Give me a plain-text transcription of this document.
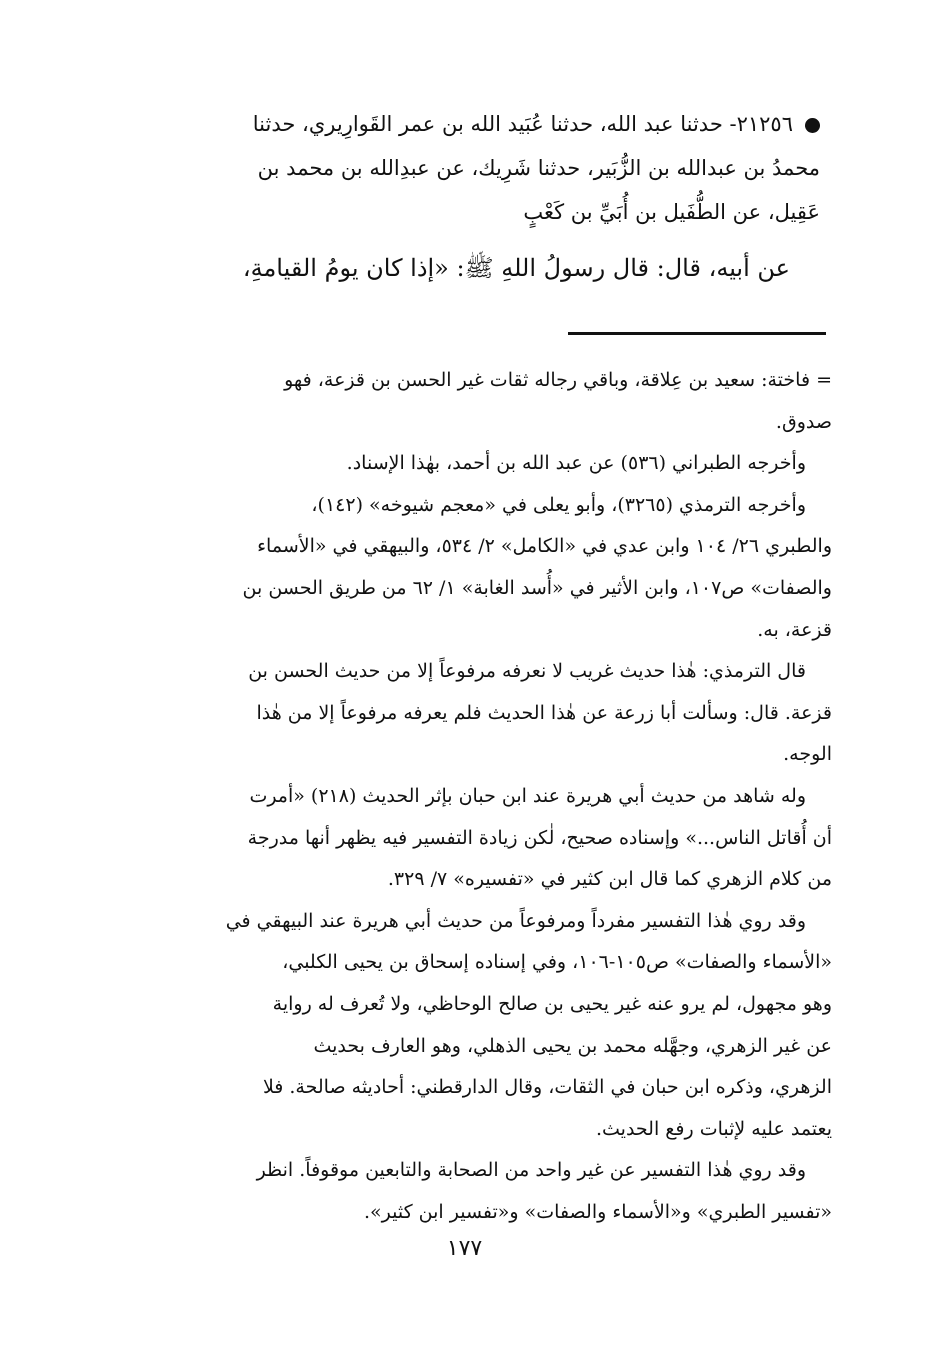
٢١٢٥٦- حدثنا عبد الله، حدثنا عُبَيد الله بن عمر القَوارِيري، حدثنا
محمدُ بن عبدالله بن الزُّبَير، حدثنا شَرِيك، عن عبدِالله بن محمد بن
عَقِيل، عن الطُّفَيل بن أُبَيِّ بن كَعْبٍ
عن أبيه، قال: قال رسولُ اللهِ ﷺ: «إذا كان يومُ القيامةِ،
= فاختة: سعيد بن عِلاقة، وباقي رجاله ثقات غير الحسن بن قزعة، فهو
صدوق.
وأخرجه الطبراني (٥٣٦) عن عبد الله بن أحمد، بهٰذا الإسناد.
وأخرجه الترمذي (٣٢٦٥)، وأبو يعلى في «معجم شيوخه» (١٤٢)،
والطبري ٢٦/ ١٠٤ وابن عدي في «الكامل» ٢/ ٥٣٤، والبيهقي في «الأسماء
والصفات» ص١٠٧، وابن الأثير في «أُسد الغابة» ١/ ٦٢ من طريق الحسن بن
قزعة، به.
قال الترمذي: هٰذا حديث غريب لا نعرفه مرفوعاً إلا من حديث الحسن بن
قزعة. قال: وسألت أبا زرعة عن هٰذا الحديث فلم يعرفه مرفوعاً إلا من هٰذا
الوجه.
وله شاهد من حديث أبي هريرة عند ابن حبان بإثر الحديث (٢١٨) «أمرت
أن أُقاتل الناس...» وإسناده صحيح، لٰكن زيادة التفسير فيه يظهر أنها مدرجة
من كلام الزهري كما قال ابن كثير في «تفسيره» ٧/ ٣٢٩.
وقد روي هٰذا التفسير مفرداً ومرفوعاً من حديث أبي هريرة عند البيهقي في
«الأسماء والصفات» ص١٠٥-١٠٦، وفي إسناده إسحاق بن يحيى الكلبي،
وهو مجهول، لم يرو عنه غير يحيى بن صالح الوحاظي، ولا تُعرف له رواية
عن غير الزهري، وجهَّله محمد بن يحيى الذهلي، وهو العارف بحديث
الزهري، وذكره ابن حبان في الثقات، وقال الدارقطني: أحاديثه صالحة. فلا
يعتمد عليه لإثبات رفع الحديث.
وقد روي هٰذا التفسير عن غير واحد من الصحابة والتابعين موقوفاً. انظر
«تفسير الطبري» و«الأسماء والصفات» و«تفسير ابن كثير».
١٧٧
